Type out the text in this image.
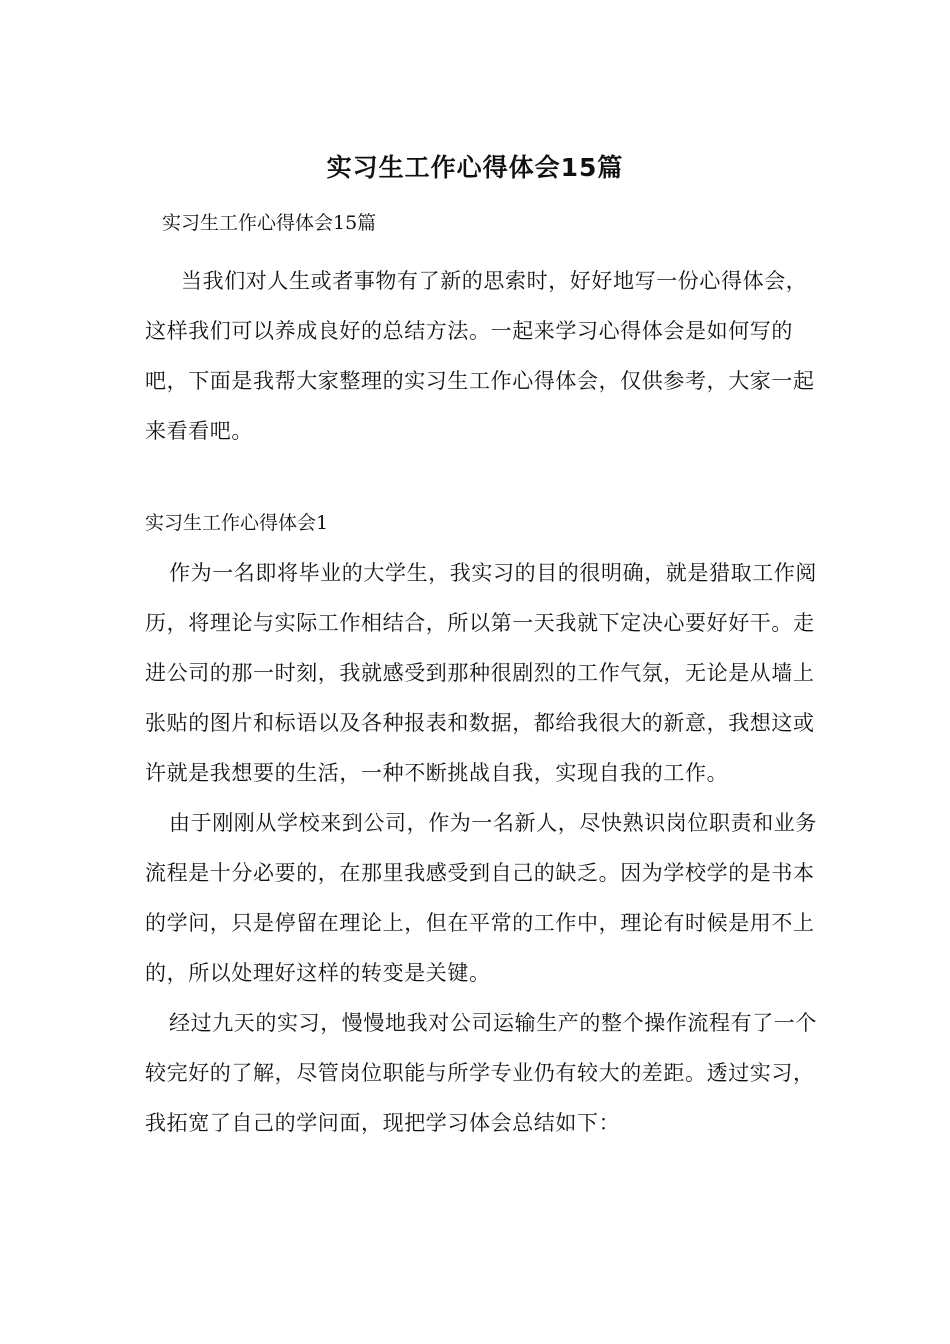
实习生工作心得体会15篇
实习生工作心得体会15篇

当我们对人生或者事物有了新的思索时，好好地写一份心得体会，这样我们可以养成良好的总结方法。一起来学习心得体会是如何写的吧，下面是我帮大家整理的实习生工作心得体会，仅供参考，大家一起来看看吧。

实习生工作心得体会1

作为一名即将毕业的大学生，我实习的目的很明确，就是猎取工作阅历，将理论与实际工作相结合，所以第一天我就下定决心要好好干。走进公司的那一时刻，我就感受到那种很剧烈的工作气氛，无论是从墙上张贴的图片和标语以及各种报表和数据，都给我很大的新意，我想这或许就是我想要的生活，一种不断挑战自我，实现自我的工作。

由于刚刚从学校来到公司，作为一名新人，尽快熟识岗位职责和业务流程是十分必要的，在那里我感受到自己的缺乏。因为学校学的是书本的学问，只是停留在理论上，但在平常的工作中，理论有时候是用不上的，所以处理好这样的转变是关键。

经过九天的实习，慢慢地我对公司运输生产的整个操作流程有了一个较完好的了解，尽管岗位职能与所学专业仍有较大的差距。透过实习，我拓宽了自己的学问面，现把学习体会总结如下：
